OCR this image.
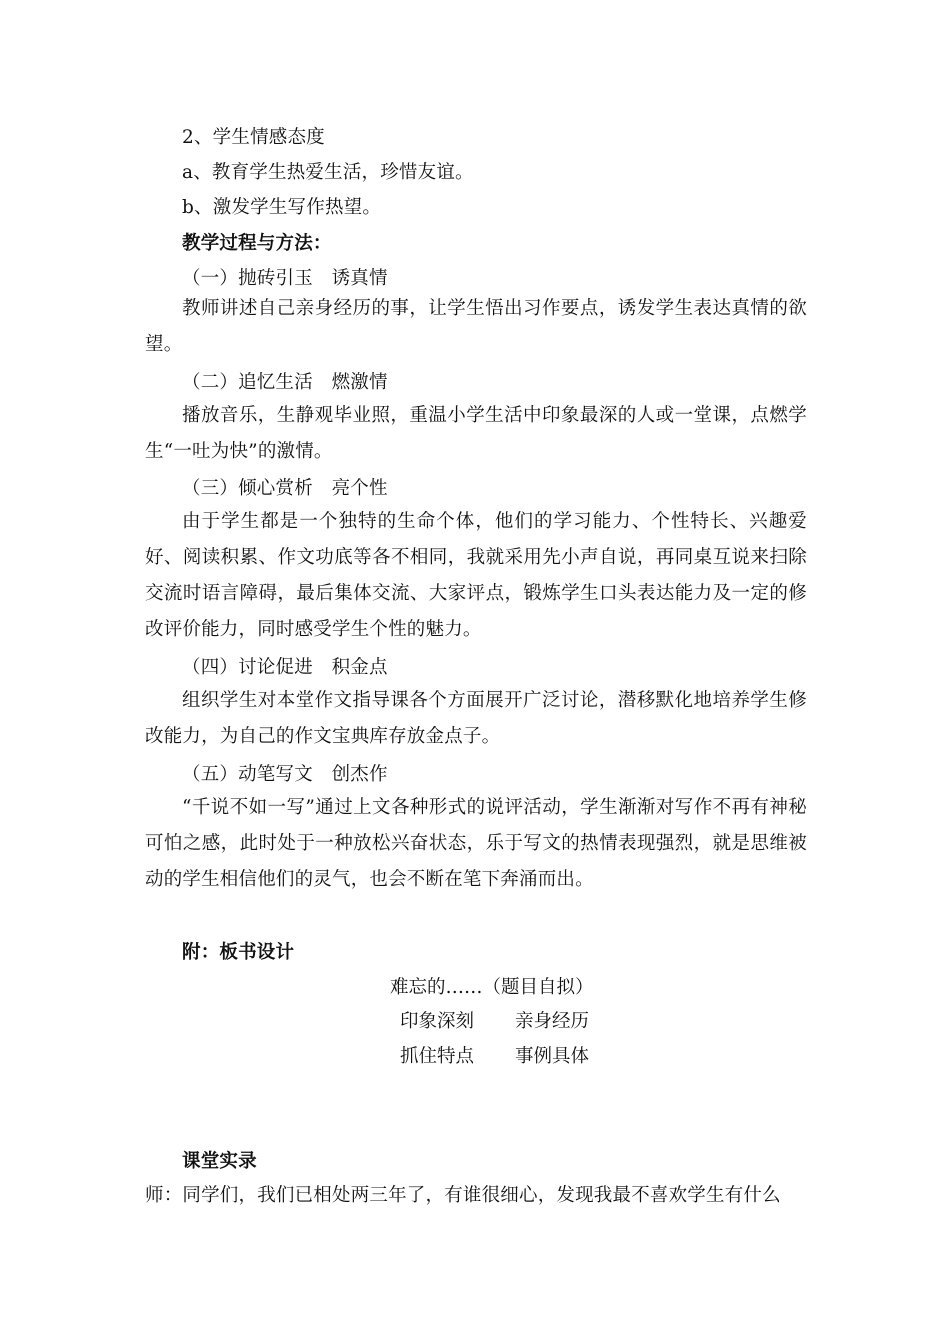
2、学生情感态度
a、教育学生热爱生活，珍惜友谊。
b、激发学生写作热望。
教学过程与方法：
（一）抛砖引玉　诱真情
教师讲述自己亲身经历的事，让学生悟出习作要点，诱发学生表达真情的欲望。
（二）追忆生活　燃激情
播放音乐，生静观毕业照，重温小学生活中印象最深的人或一堂课，点燃学生“一吐为快”的激情。
（三）倾心赏析　亮个性
由于学生都是一个独特的生命个体，他们的学习能力、个性特长、兴趣爱好、阅读积累、作文功底等各不相同，我就采用先小声自说，再同桌互说来扫除交流时语言障碍，最后集体交流、大家评点，锻炼学生口头表达能力及一定的修改评价能力，同时感受学生个性的魅力。
（四）讨论促进　积金点
组织学生对本堂作文指导课各个方面展开广泛讨论，潜移默化地培养学生修改能力，为自己的作文宝典库存放金点子。
（五）动笔写文　创杰作
“千说不如一写”通过上文各种形式的说评活动，学生渐渐对写作不再有神秘可怕之感，此时处于一种放松兴奋状态，乐于写文的热情表现强烈，就是思维被动的学生相信他们的灵气，也会不断在笔下奔涌而出。
附：板书设计
难忘的……（题目自拟）
印象深刻 亲身经历
抓住特点 事例具体
课堂实录
师：同学们，我们已相处两三年了，有谁很细心，发现我最不喜欢学生有什么
